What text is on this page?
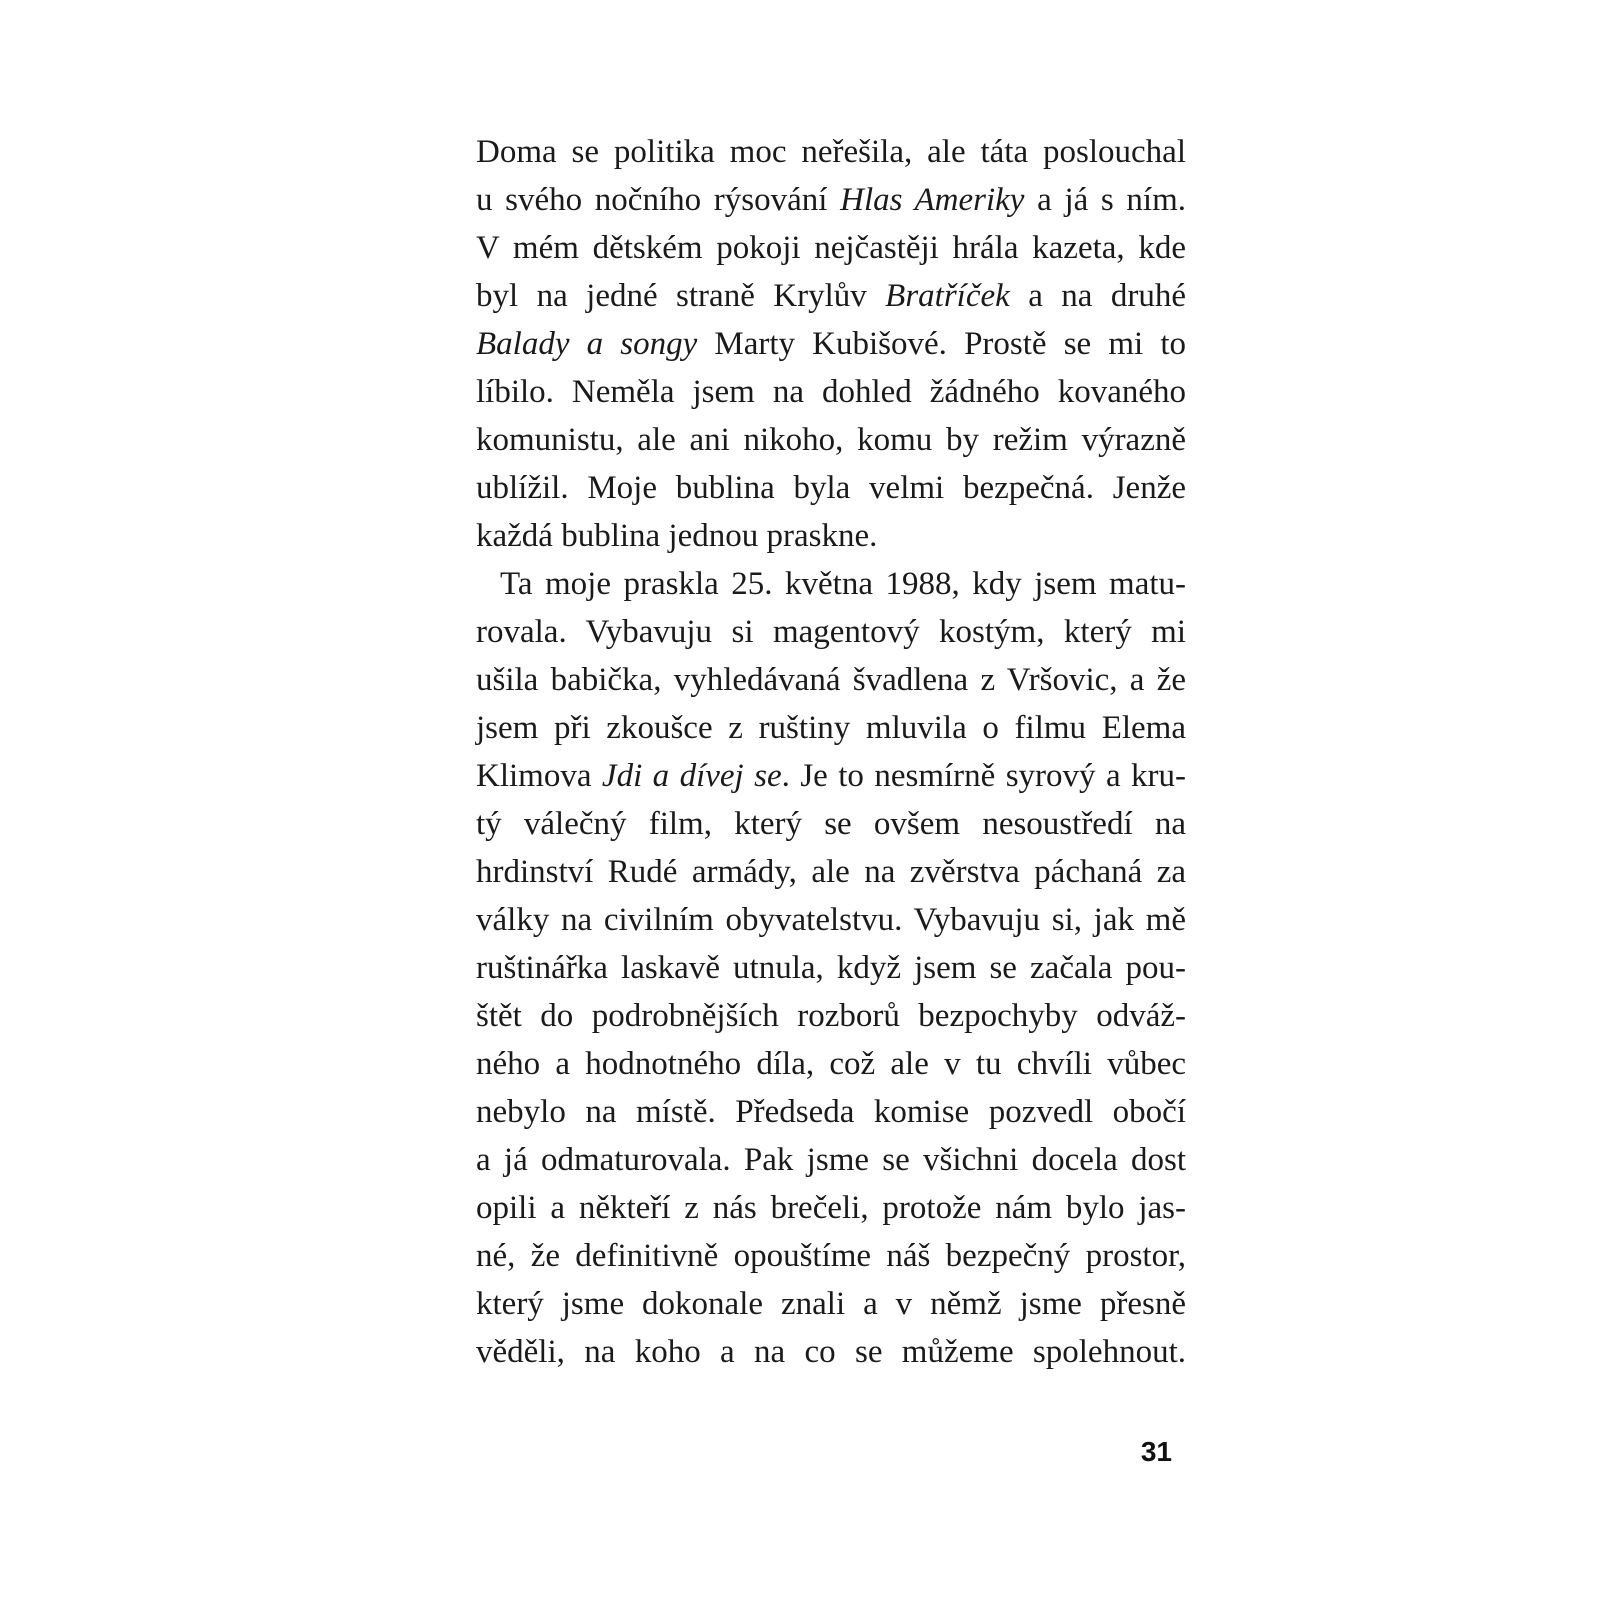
Doma se politika moc neřešila, ale táta poslouchal
u svého nočního rýsování Hlas Ameriky a já s ním.
V mém dětském pokoji nejčastěji hrála kazeta, kde
byl na jedné straně Krylův Bratříček a na druhé
Balady a songy Marty Kubišové. Prostě se mi to
líbilo. Neměla jsem na dohled žádného kovaného
komunistu, ale ani nikoho, komu by režim výrazně
ublížil. Moje bublina byla velmi bezpečná. Jenže
každá bublina jednou praskne.
Ta moje praskla 25. května 1988, kdy jsem matu-
rovala. Vybavuju si magentový kostým, který mi
ušila babička, vyhledávaná švadlena z Vršovic, a že
jsem při zkoušce z ruštiny mluvila o filmu Elema
Klimova Jdi a dívej se. Je to nesmírně syrový a kru-
tý válečný film, který se ovšem nesoustředí na
hrdinství Rudé armády, ale na zvěrstva páchaná za
války na civilním obyvatelstvu. Vybavuju si, jak mě
ruštinářka laskavě utnula, když jsem se začala pou-
štět do podrobnějších rozborů bezpochyby odváž-
ného a hodnotného díla, což ale v tu chvíli vůbec
nebylo na místě. Předseda komise pozvedl obočí
a já odmaturovala. Pak jsme se všichni docela dost
opili a někteří z nás brečeli, protože nám bylo jas-
né, že definitivně opouštíme náš bezpečný prostor,
který jsme dokonale znali a v němž jsme přesně
věděli, na koho a na co se můžeme spolehnout.
31
